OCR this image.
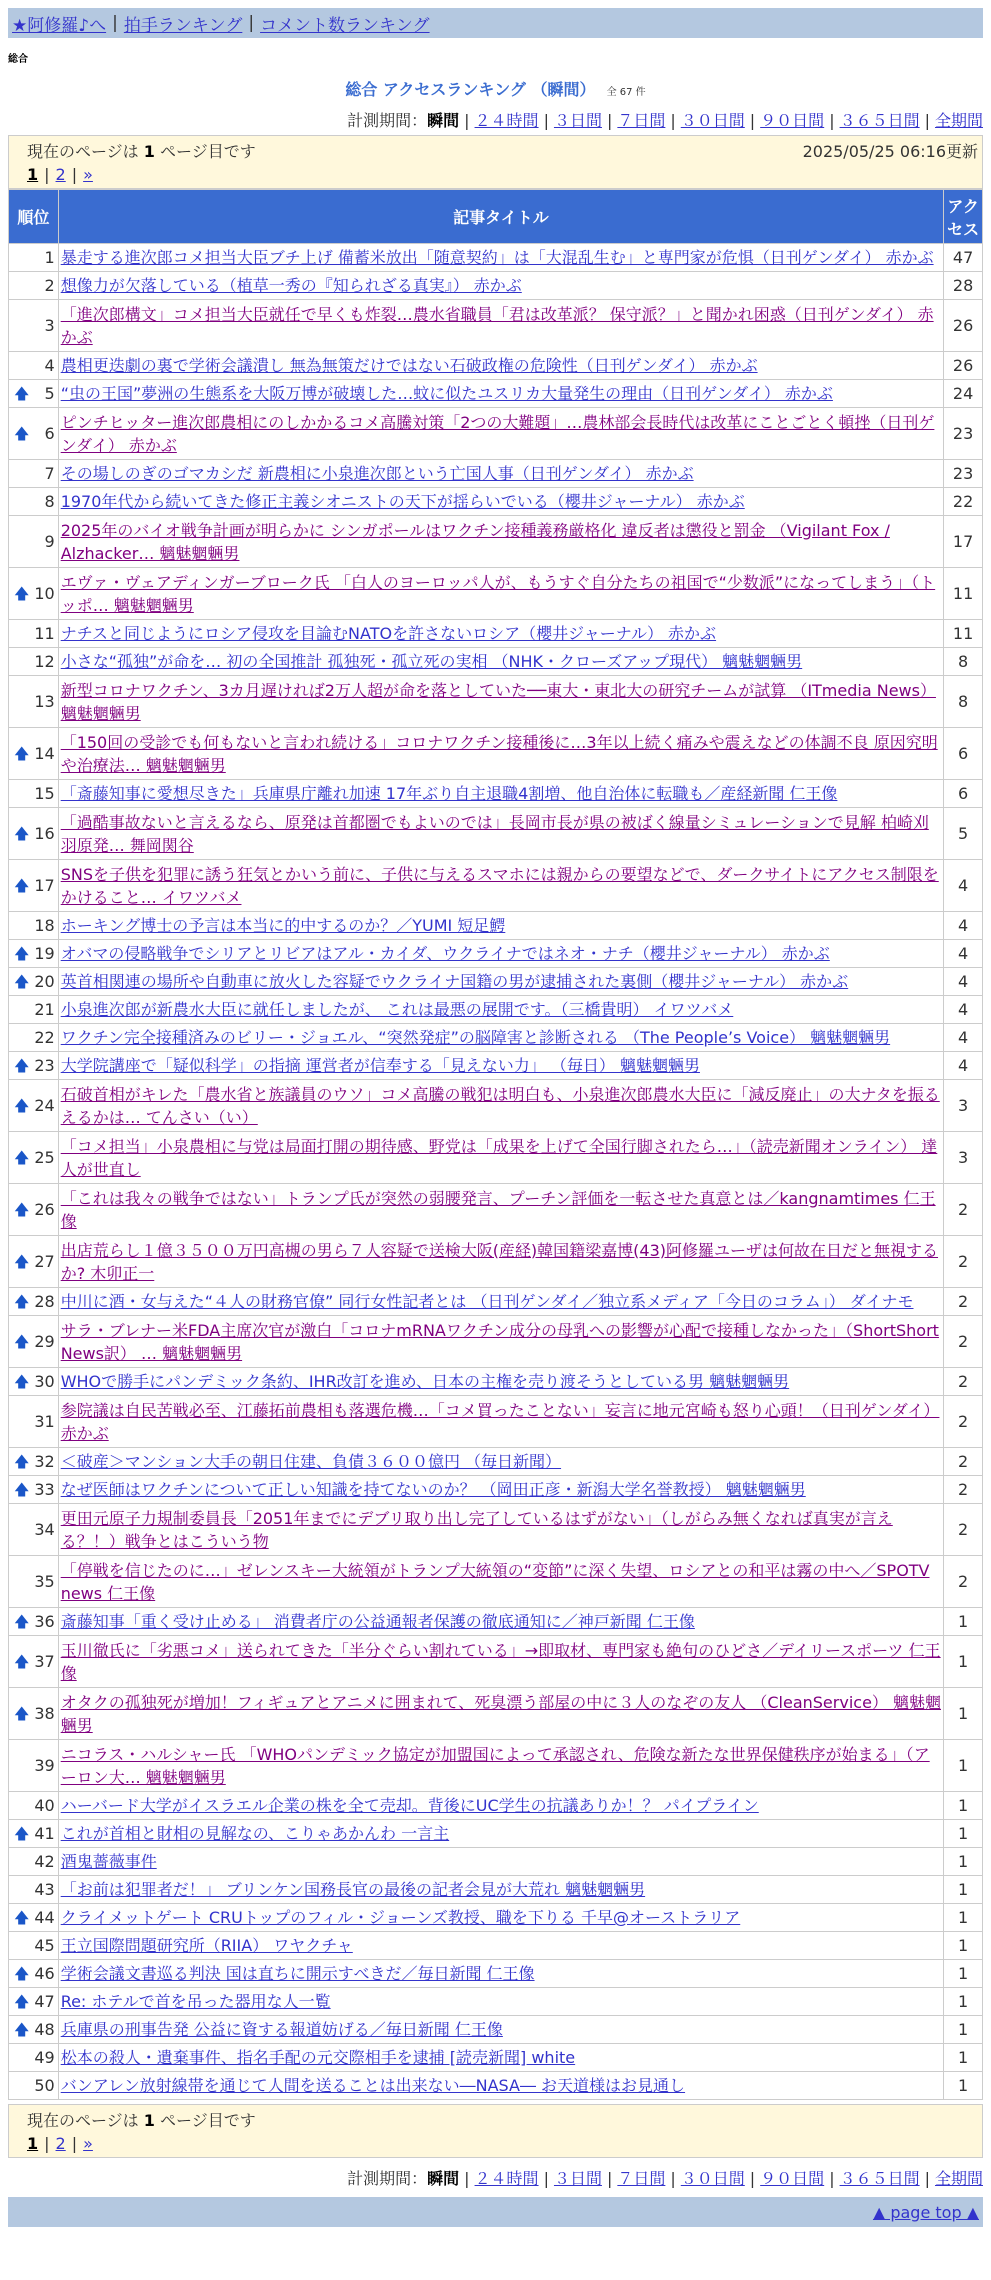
★阿修羅♪へ | 拍手ランキング | コメント数ランキング
総合
総合 アクセスランキング （瞬間） 全 67 件
計測期間：瞬間 | ２４時間 | ３日間 | ７日間 | ３０日間 | ９０日間 | ３６５日間 | 全期間
現在のページは 1 ページ目です	2025/05/25 06:16更新
1 | 2 | »
順位	記事タイトル	アク
セス
1	暴走する進次郎コメ担当大臣ブチ上げ 備蓄米放出「随意契約」は「大混乱生む」と専門家が危惧（日刊ゲンダイ） 赤かぶ	47
2	想像力が欠落している（植草一秀の『知られざる真実』） 赤かぶ	28
3	「進次郎構文」コメ担当大臣就任で早くも炸裂…農水省職員「君は改革派？ 保守派？」と聞かれ困惑（日刊ゲンダイ） 赤かぶ	26
4	農相更迭劇の裏で学術会議潰し 無為無策だけではない石破政権の危険性（日刊ゲンダイ） 赤かぶ	26

🡅 5	“虫の王国”夢洲の生態系を大阪万博が破壊した…蚊に似たユスリカ大量発生の理由（日刊ゲンダイ） 赤かぶ	24

🡅 6	ピンチヒッター進次郎農相にのしかかるコメ高騰対策「2つの大難題」…農林部会長時代は改革にことごとく頓挫（日刊ゲンダイ） 赤かぶ	23
7	その場しのぎのゴマカシだ 新農相に小泉進次郎という亡国人事（日刊ゲンダイ） 赤かぶ	23
8	1970年代から続いてきた修正主義シオニストの天下が揺らいでいる（櫻井ジャーナル） 赤かぶ	22
9	2025年のバイオ戦争計画が明らかに シンガポールはワクチン接種義務厳格化 違反者は懲役と罰金 （Vigilant Fox / Alzhacker… 魑魅魍魎男	17

🡅 10	エヴァ・ヴェアディンガーブローク氏 「白人のヨーロッパ人が、もうすぐ自分たちの祖国で“少数派”になってしまう」（トッポ… 魑魅魍魎男	11
11	ナチスと同じようにロシア侵攻を目論むNATOを許さないロシア（櫻井ジャーナル） 赤かぶ	11
12	小さな“孤独”が命を… 初の全国推計 孤独死・孤立死の実相 （NHK・クローズアップ現代） 魑魅魍魎男	8
13	新型コロナワクチン、3カ月遅ければ2万人超が命を落としていた──東大・東北大の研究チームが試算 （ITmedia News） 魑魅魍魎男	8

🡅 14	「150回の受診でも何もないと言われ続ける」コロナワクチン接種後に…3年以上続く痛みや震えなどの体調不良 原因究明や治療法… 魑魅魍魎男	6
15	「斎藤知事に愛想尽きた」兵庫県庁離れ加速 17年ぶり自主退職4割増、他自治体に転職も／産経新聞 仁王像	6

🡅 16	「過酷事故ないと言えるなら、原発は首都圏でもよいのでは」長岡市長が県の被ばく線量シミュレーションで見解 柏崎刈羽原発… 舞岡関谷	5

🡅 17	SNSを子供を犯罪に誘う狂気とかいう前に、子供に与えるスマホには親からの要望などで、ダークサイトにアクセス制限をかけること… イワツバメ	4
18	ホーキング博士の予言は本当に的中するのか？／YUMI 短足鰐	4

🡅 19	オバマの侵略戦争でシリアとリビアはアル・カイダ、ウクライナではネオ・ナチ（櫻井ジャーナル） 赤かぶ	4

🡅 20	英首相関連の場所や自動車に放火した容疑でウクライナ国籍の男が逮捕された裏側（櫻井ジャーナル） 赤かぶ	4
21	小泉進次郎が新農水大臣に就任しましたが、 これは最悪の展開です。（三橋貴明） イワツバメ	4
22	ワクチン完全接種済みのビリー・ジョエル、“突然発症”の脳障害と診断される （The People’s Voice） 魑魅魍魎男	4

🡅 23	大学院講座で「疑似科学」の指摘 運営者が信奉する「見えない力」 （毎日） 魑魅魍魎男	4

🡅 24	石破首相がキレた「農水省と族議員のウソ」コメ高騰の戦犯は明白も、小泉進次郎農水大臣に「減反廃止」の大ナタを振るえるかは… てんさい（い）	3

🡅 25	「コメ担当」小泉農相に与党は局面打開の期待感、野党は「成果を上げて全国行脚されたら…」（読売新聞オンライン） 達人が世直し	3

🡅 26	「これは我々の戦争ではない」トランプ氏が突然の弱腰発言、プーチン評価を一転させた真意とは／kangnamtimes 仁王像	2

🡅 27	出店荒らし１億３５００万円高槻の男ら７人容疑で送検大阪(産経)韓国籍梁嘉博(43)阿修羅ユーザは何故在日だと無視するか? 木卯正一	2

🡅 28	中川に酒・女与えた“４人の財務官僚” 同行女性記者とは （日刊ゲンダイ／独立系メディア「今日のコラム」） ダイナモ	2

🡅 29	サラ・ブレナー米FDA主席次官が激白「コロナmRNAワクチン成分の母乳への影響が心配で接種しなかった」（ShortShort News訳） … 魑魅魍魎男	2

🡅 30	WHOで勝手にパンデミック条約、IHR改訂を進め、日本の主権を売り渡そうとしている男 魑魅魍魎男	2
31	参院議は自民苦戦必至、江藤拓前農相も落選危機…「コメ買ったことない」妄言に地元宮崎も怒り心頭！（日刊ゲンダイ） 赤かぶ	2

🡅 32	＜破産＞マンション大手の朝日住建、負債３６００億円 （毎日新聞）	2

🡅 33	なぜ医師はワクチンについて正しい知識を持てないのか？ （岡田正彦・新潟大学名誉教授） 魑魅魍魎男	2
34	更田元原子力規制委員長「2051年までにデブリ取り出し完了しているはずがない」（しがらみ無くなれば真実が言える？！）戦争とはこういう物	2
35	「停戦を信じたのに…」ゼレンスキー大統領がトランプ大統領の“変節”に深く失望、ロシアとの和平は霧の中へ／SPOTV news 仁王像	2

🡅 36	斎藤知事「重く受け止める」 消費者庁の公益通報者保護の徹底通知に／神戸新聞 仁王像	1

🡅 37	玉川徹氏に「劣悪コメ」送られてきた「半分ぐらい割れている」→即取材、専門家も絶句のひどさ／デイリースポーツ 仁王像	1

🡅 38	オタクの孤独死が増加！フィギュアとアニメに囲まれて、死臭漂う部屋の中に３人のなぞの友人 （CleanService） 魑魅魍魎男	1
39	ニコラス・ハルシャー氏 「WHOパンデミック協定が加盟国によって承認され、危険な新たな世界保健秩序が始まる」（アーロン大… 魑魅魍魎男	1
40	ハーバード大学がイスラエル企業の株を全て売却。背後にUC学生の抗議ありか！？ パイプライン	1

🡅 41	これが首相と財相の見解なの、こりゃあかんわ 一言主	1
42	酒鬼薔薇事件	1
43	「お前は犯罪者だ！」 ブリンケン国務長官の最後の記者会見が大荒れ 魑魅魍魎男	1

🡅 44	クライメットゲート CRUトップのフィル・ジョーンズ教授、職を下りる 千早@オーストラリア	1
45	王立国際問題研究所（RIIA） ワヤクチャ	1

🡅 46	学術会議文書巡る判決 国は直ちに開示すべきだ／毎日新聞 仁王像	1

🡅 47	Re: ホテルで首を吊った器用な人一覧	1

🡅 48	兵庫県の刑事告発 公益に資する報道妨げる／毎日新聞 仁王像	1
49	松本の殺人・遺棄事件、指名手配の元交際相手を逮捕 [読売新聞] white	1
50	バンアレン放射線帯を通じて人間を送ることは出来ない―NASA― お天道様はお見通し	1
現在のページは 1 ページ目です
1 | 2 | »
計測期間：瞬間 | ２４時間 | ３日間 | ７日間 | ３０日間 | ９０日間 | ３６５日間 | 全期間
▲ page top ▲
